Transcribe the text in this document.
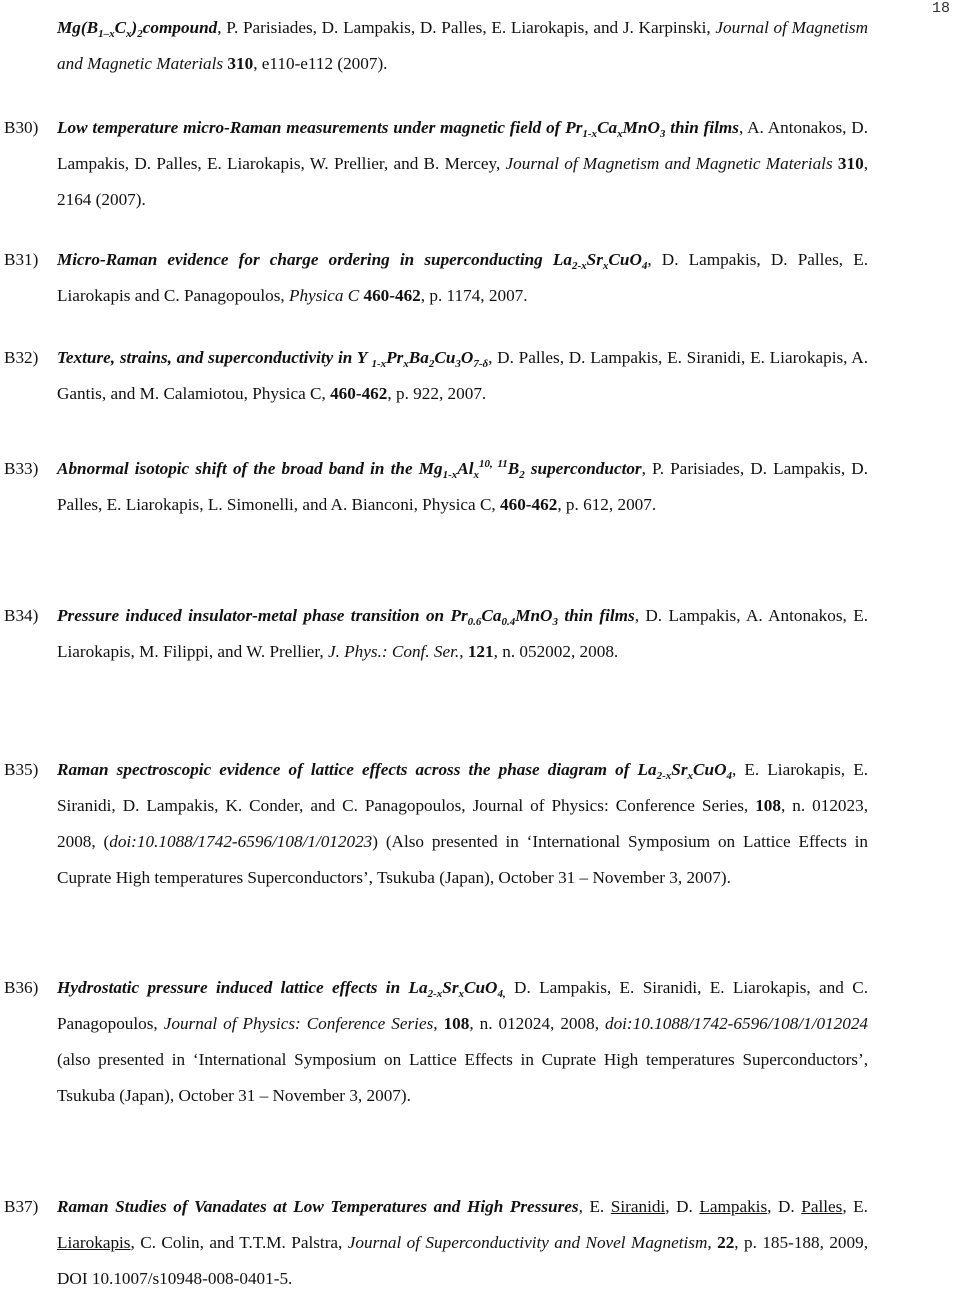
18
$Mg(B_{1-x}C_x)_2compound$, P. Parisiades, D. Lampakis, D. Palles, E. Liarokapis, and J. Karpinski, Journal of Magnetism and Magnetic Materials 310, e110-e112 (2007).
B30) Low temperature micro-Raman measurements under magnetic field of $Pr_{1-x}Ca_xMnO_3$ thin films, A. Antonakos, D. Lampakis, D. Palles, E. Liarokapis, W. Prellier, and B. Mercey, Journal of Magnetism and Magnetic Materials 310, 2164 (2007).
B31) Micro-Raman evidence for charge ordering in superconducting $La_{2-x}Sr_xCuO_4$, D. Lampakis, D. Palles, E. Liarokapis and C. Panagopoulos, Physica C 460-462, p. 1174, 2007.
B32) Texture, strains, and superconductivity in Y $_{1-x}Pr_xBa_2Cu_3O_{7-\delta}$, D. Palles, D. Lampakis, E. Siranidi, E. Liarokapis, A. Gantis, and M. Calamiotou, Physica C, 460-462, p. 922, 2007.
B33) Abnormal isotopic shift of the broad band in the $Mg_{1-x}Al_x^{10, 11}B_2$ superconductor, P. Parisiades, D. Lampakis, D. Palles, E. Liarokapis, L. Simonelli, and A. Bianconi, Physica C, 460-462, p. 612, 2007.
B34) Pressure induced insulator-metal phase transition on $Pr_{0.6}Ca_{0.4}MnO_3$ thin films, D. Lampakis, A. Antonakos, E. Liarokapis, M. Filippi, and W. Prellier, J. Phys.: Conf. Ser., 121, n. 052002, 2008.
B35) Raman spectroscopic evidence of lattice effects across the phase diagram of $La_{2-x}Sr_xCuO_4$, E. Liarokapis, E. Siranidi, D. Lampakis, K. Conder, and C. Panagopoulos, Journal of Physics: Conference Series, 108, n. 012023, 2008, (doi:10.1088/1742-6596/108/1/012023) (Also presented in ‘International Symposium on Lattice Effects in Cuprate High temperatures Superconductors’, Tsukuba (Japan), October 31 – November 3, 2007).
B36) Hydrostatic pressure induced lattice effects in $La_{2-x}Sr_xCuO_{4,}$ D. Lampakis, E. Siranidi, E. Liarokapis, and C. Panagopoulos, Journal of Physics: Conference Series, 108, n. 012024, 2008, doi:10.1088/1742-6596/108/1/012024 (also presented in ‘International Symposium on Lattice Effects in Cuprate High temperatures Superconductors’, Tsukuba (Japan), October 31 – November 3, 2007).
B37) Raman Studies of Vanadates at Low Temperatures and High Pressures, E. Siranidi, D. Lampakis, D. Palles, E. Liarokapis, C. Colin, and T.T.M. Palstra, Journal of Superconductivity and Novel Magnetism, 22, p. 185-188, 2009, DOI 10.1007/s10948-008-0401-5.
